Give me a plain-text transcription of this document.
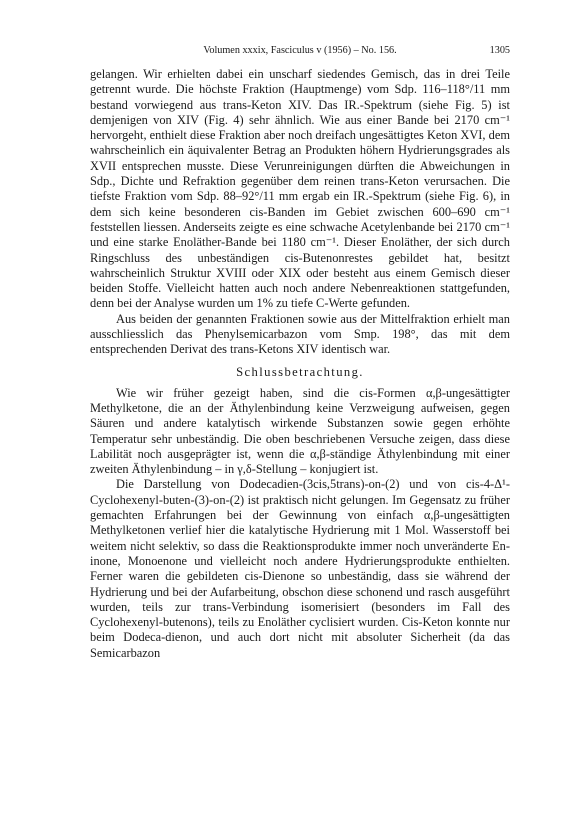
Volumen xxxix, Fasciculus v (1956) – No. 156.	1305

gelangen. Wir erhielten dabei ein unscharf siedendes Gemisch, das in drei Teile getrennt wurde. Die höchste Fraktion (Hauptmenge) vom Sdp. 116–118°/11 mm bestand vorwiegend aus trans-Keton XIV. Das IR.-Spektrum (siehe Fig. 5) ist demjenigen von XIV (Fig. 4) sehr ähnlich. Wie aus einer Bande bei 2170 cm⁻¹ hervorgeht, enthielt diese Fraktion aber noch dreifach ungesättigtes Keton XVI, dem wahrscheinlich ein äquivalenter Betrag an Produkten höhern Hydrierungsgrades als XVII entsprechen musste. Diese Verunreinigungen dürften die Abweichungen in Sdp., Dichte und Refraktion gegenüber dem reinen trans-Keton verursachen. Die tiefste Fraktion vom Sdp. 88–92°/11 mm ergab ein IR.-Spektrum (siehe Fig. 6), in dem sich keine besonderen cis-Banden im Gebiet zwischen 600–690 cm⁻¹ feststellen liessen. Anderseits zeigte es eine schwache Acetylenbande bei 2170 cm⁻¹ und eine starke Enoläther-Bande bei 1180 cm⁻¹. Dieser Enoläther, der sich durch Ringschluss des unbeständigen cis-Butenonrestes gebildet hat, besitzt wahrscheinlich Struktur XVIII oder XIX oder besteht aus einem Gemisch dieser beiden Stoffe. Vielleicht hatten auch noch andere Nebenreaktionen stattgefunden, denn bei der Analyse wurden um 1% zu tiefe C-Werte gefunden.

Aus beiden der genannten Fraktionen sowie aus der Mittelfraktion erhielt man ausschliesslich das Phenylsemicarbazon vom Smp. 198°, das mit dem entsprechenden Derivat des trans-Ketons XIV identisch war.

Schlussbetrachtung.

Wie wir früher gezeigt haben, sind die cis-Formen α,β-ungesättigter Methylketone, die an der Äthylenbindung keine Verzweigung aufweisen, gegen Säuren und andere katalytisch wirkende Substanzen sowie gegen erhöhte Temperatur sehr unbeständig. Die oben beschriebenen Versuche zeigen, dass diese Labilität noch ausgeprägter ist, wenn die α,β-ständige Äthylenbindung mit einer zweiten Äthylenbindung – in γ,δ-Stellung – konjugiert ist.

Die Darstellung von Dodecadien-(3cis,5trans)-on-(2) und von cis-4-Δ¹-Cyclohexenyl-buten-(3)-on-(2) ist praktisch nicht gelungen. Im Gegensatz zu früher gemachten Erfahrungen bei der Gewinnung von einfach α,β-ungesättigten Methylketonen verlief hier die katalytische Hydrierung mit 1 Mol. Wasserstoff bei weitem nicht selektiv, so dass die Reaktionsprodukte immer noch unveränderte En-inone, Monoenone und vielleicht noch andere Hydrierungsprodukte enthielten. Ferner waren die gebildeten cis-Dienone so unbeständig, dass sie während der Hydrierung und bei der Aufarbeitung, obschon diese schonend und rasch ausgeführt wurden, teils zur trans-Verbindung isomerisiert (besonders im Fall des Cyclohexenyl-butenons), teils zu Enoläther cyclisiert wurden. Cis-Keton konnte nur beim Dodeca-dienon, und auch dort nicht mit absoluter Sicherheit (da das Semicarbazon
